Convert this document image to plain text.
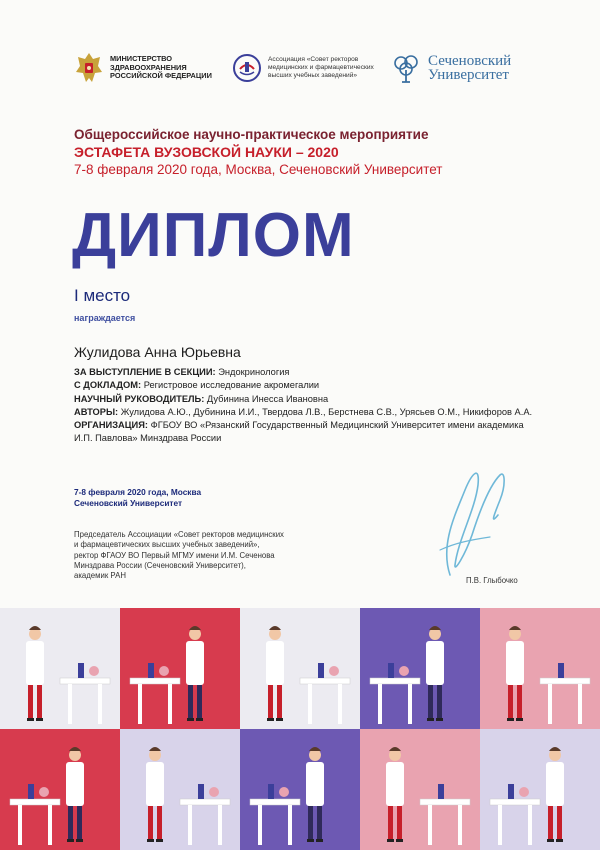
МИНИСТЕРСТВО
ЗДРАВООХРАНЕНИЯ
РОССИЙСКОЙ ФЕДЕРАЦИИ
Ассоциация «Совет ректоров
медицинских и фармацевтических
высших учебных заведений»
Сеченовский
Университет
Общероссийское научно-практическое мероприятие
ЭСТАФЕТА ВУЗОВСКОЙ НАУКИ – 2020
7-8 февраля 2020 года, Москва, Сеченовский Университет
ДИПЛОМ
I место
награждается
Жулидова Анна Юрьевна
ЗА ВЫСТУПЛЕНИЕ В СЕКЦИИ: Эндокринология
С ДОКЛАДОМ: Регистровое исследование акромегалии
НАУЧНЫЙ РУКОВОДИТЕЛЬ: Дубинина Инесса Ивановна
АВТОРЫ: Жулидова А.Ю., Дубинина И.И., Твердова Л.В., Берстнева С.В., Урясьев О.М., Никифоров А.А.
ОРГАНИЗАЦИЯ: ФГБОУ ВО «Рязанский Государственный Медицинский Университет имени академика И.П. Павлова» Минздрава России
7-8 февраля 2020 года, Москва
Сеченовский Университет
Председатель Ассоциации «Совет ректоров медицинских
и фармацевтических высших учебных заведений»,
ректор ФГАОУ ВО Первый МГМУ имени И.М. Сеченова
Минздрава России (Сеченовский Университет),
академик РАН
П.В. Глыбочко
